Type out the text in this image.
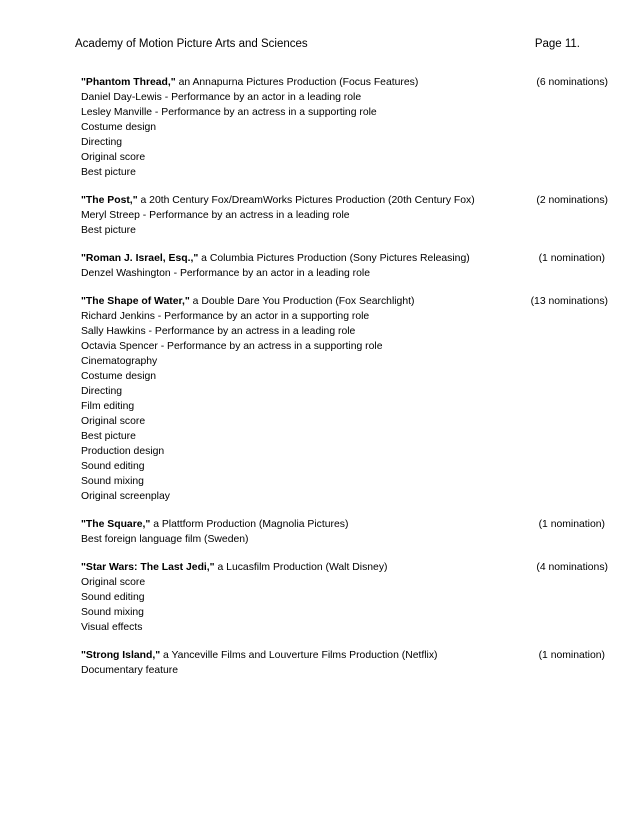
Academy of Motion Picture Arts and Sciences	Page 11.
"Phantom Thread," an Annapurna Pictures Production (Focus Features)	(6 nominations)
Daniel Day-Lewis - Performance by an actor in a leading role
Lesley Manville - Performance by an actress in a supporting role
Costume design
Directing
Original score
Best picture
"The Post," a 20th Century Fox/DreamWorks Pictures Production (20th Century Fox)	(2 nominations)
Meryl Streep - Performance by an actress in a leading role
Best picture
"Roman J. Israel, Esq.," a Columbia Pictures Production (Sony Pictures Releasing)	(1 nomination)
Denzel Washington - Performance by an actor in a leading role
"The Shape of Water," a Double Dare You Production (Fox Searchlight)	(13 nominations)
Richard Jenkins - Performance by an actor in a supporting role
Sally Hawkins - Performance by an actress in a leading role
Octavia Spencer - Performance by an actress in a supporting role
Cinematography
Costume design
Directing
Film editing
Original score
Best picture
Production design
Sound editing
Sound mixing
Original screenplay
"The Square," a Plattform Production (Magnolia Pictures)	(1 nomination)
Best foreign language film (Sweden)
"Star Wars: The Last Jedi," a Lucasfilm Production (Walt Disney)	(4 nominations)
Original score
Sound editing
Sound mixing
Visual effects
"Strong Island," a Yanceville Films and Louverture Films Production (Netflix)	(1 nomination)
Documentary feature
